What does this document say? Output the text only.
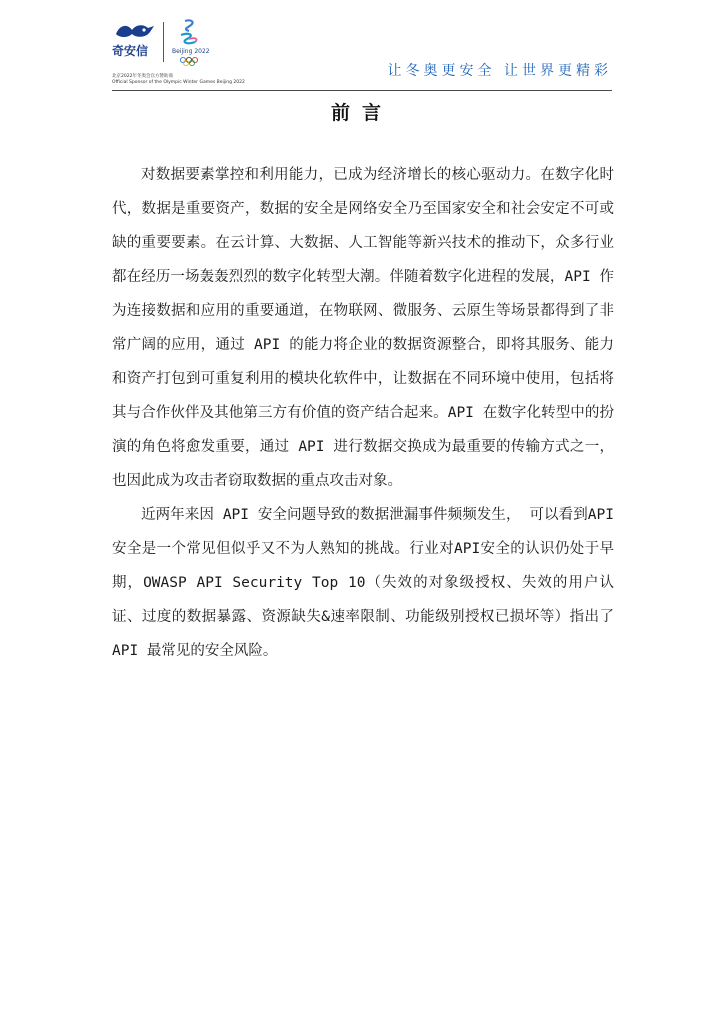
奇安信	Beijing 2022
北京2022年冬奥会官方赞助商
Official Sponsor of the Olympic Winter Games Beijing 2022
让冬奥更安全 让世界更精彩
前言

对数据要素掌控和利用能力，已成为经济增长的核心驱动力。在数字化时代，数据是重要资产，数据的安全是网络安全乃至国家安全和社会安定不可或缺的重要要素。在云计算、大数据、人工智能等新兴技术的推动下，众多行业都在经历一场轰轰烈烈的数字化转型大潮。伴随着数字化进程的发展，API 作为连接数据和应用的重要通道，在物联网、微服务、云原生等场景都得到了非常广阔的应用，通过 API 的能力将企业的数据资源整合，即将其服务、能力和资产打包到可重复利用的模块化软件中，让数据在不同环境中使用，包括将其与合作伙伴及其他第三方有价值的资产结合起来。API 在数字化转型中的扮演的角色将愈发重要，通过 API 进行数据交换成为最重要的传输方式之一，也因此成为攻击者窃取数据的重点攻击对象。

近两年来因 API 安全问题导致的数据泄漏事件频频发生， 可以看到API安全是一个常见但似乎又不为人熟知的挑战。行业对API安全的认识仍处于早期，OWASP API Security Top 10（失效的对象级授权、失效的用户认证、过度的数据暴露、资源缺失&速率限制、功能级别授权已损坏等）指出了 API 最常见的安全风险。
